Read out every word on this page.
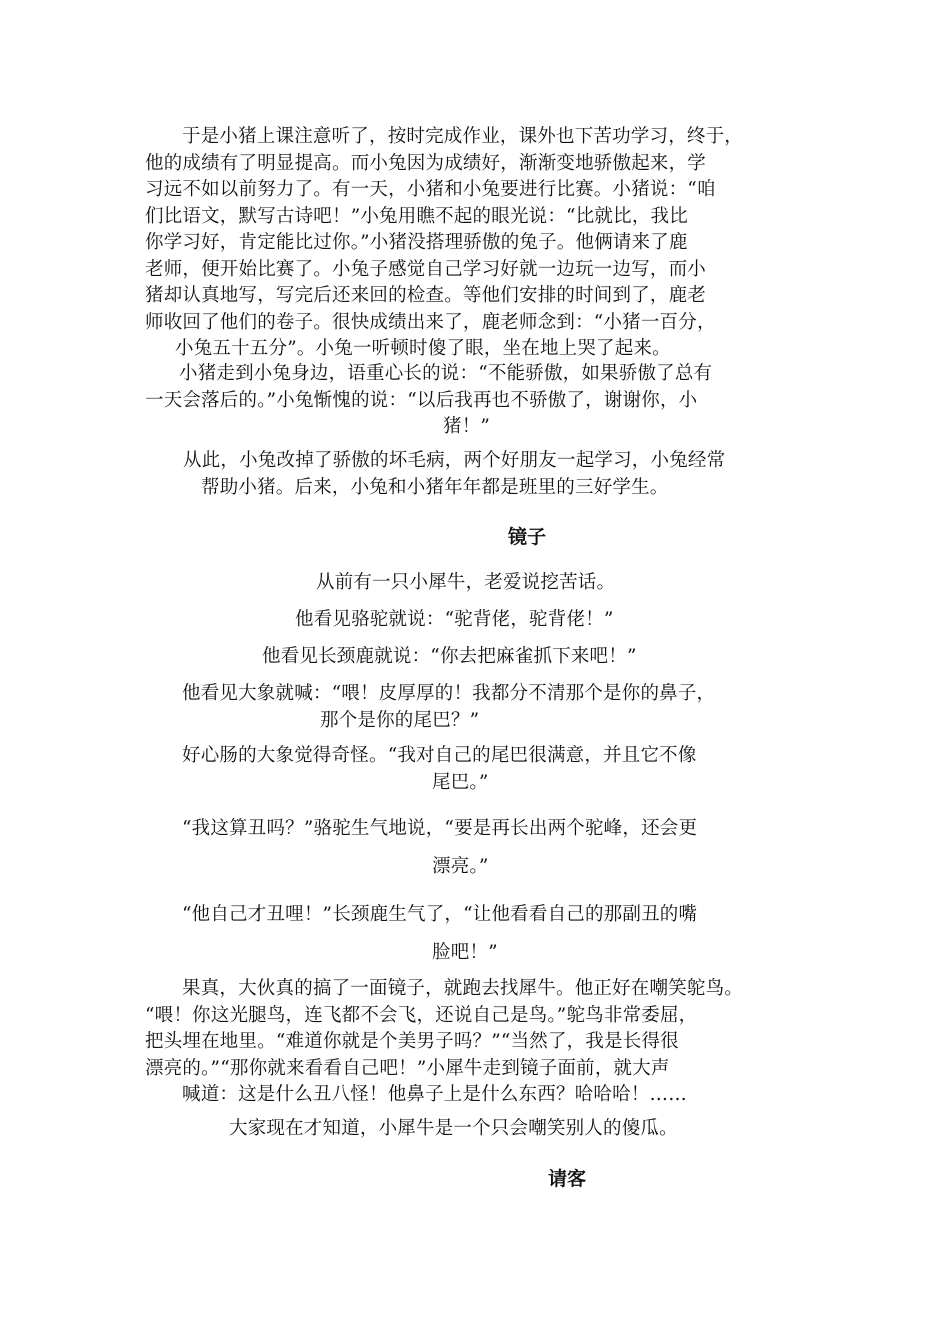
于是小猪上课注意听了，按时完成作业，课外也下苦功学习，终于，
他的成绩有了明显提高。而小兔因为成绩好，渐渐变地骄傲起来，学
习远不如以前努力了。有一天，小猪和小兔要进行比赛。小猪说：“咱
们比语文，默写古诗吧！”小兔用瞧不起的眼光说：“比就比，我比
你学习好，肯定能比过你。”小猪没搭理骄傲的兔子。他俩请来了鹿
老师，便开始比赛了。小兔子感觉自己学习好就一边玩一边写，而小
猪却认真地写，写完后还来回的检查。等他们安排的时间到了，鹿老
师收回了他们的卷子。很快成绩出来了，鹿老师念到：“小猪一百分，
小兔五十五分”。小兔一听顿时傻了眼，坐在地上哭了起来。
小猪走到小兔身边，语重心长的说：“不能骄傲，如果骄傲了总有
一天会落后的。”小兔惭愧的说：“以后我再也不骄傲了，谢谢你，小
猪！”
从此，小兔改掉了骄傲的坏毛病，两个好朋友一起学习，小兔经常
帮助小猪。后来，小兔和小猪年年都是班里的三好学生。
镜子
从前有一只小犀牛，老爱说挖苦话。
他看见骆驼就说：“驼背佬，驼背佬！”
他看见长颈鹿就说：“你去把麻雀抓下来吧！”
他看见大象就喊：“喂！皮厚厚的！我都分不清那个是你的鼻子，
那个是你的尾巴？”
好心肠的大象觉得奇怪。“我对自己的尾巴很满意，并且它不像
尾巴。”
“我这算丑吗？”骆驼生气地说，“要是再长出两个驼峰，还会更
漂亮。”
“他自己才丑哩！”长颈鹿生气了，“让他看看自己的那副丑的嘴
脸吧！”
果真，大伙真的搞了一面镜子，就跑去找犀牛。他正好在嘲笑鸵鸟。
“喂！你这光腿鸟，连飞都不会飞，还说自己是鸟。”鸵鸟非常委屈，
把头埋在地里。“难道你就是个美男子吗？”“当然了，我是长得很
漂亮的。”“那你就来看看自己吧！”小犀牛走到镜子面前，就大声
喊道：这是什么丑八怪！他鼻子上是什么东西？哈哈哈！……
大家现在才知道，小犀牛是一个只会嘲笑别人的傻瓜。
请客
